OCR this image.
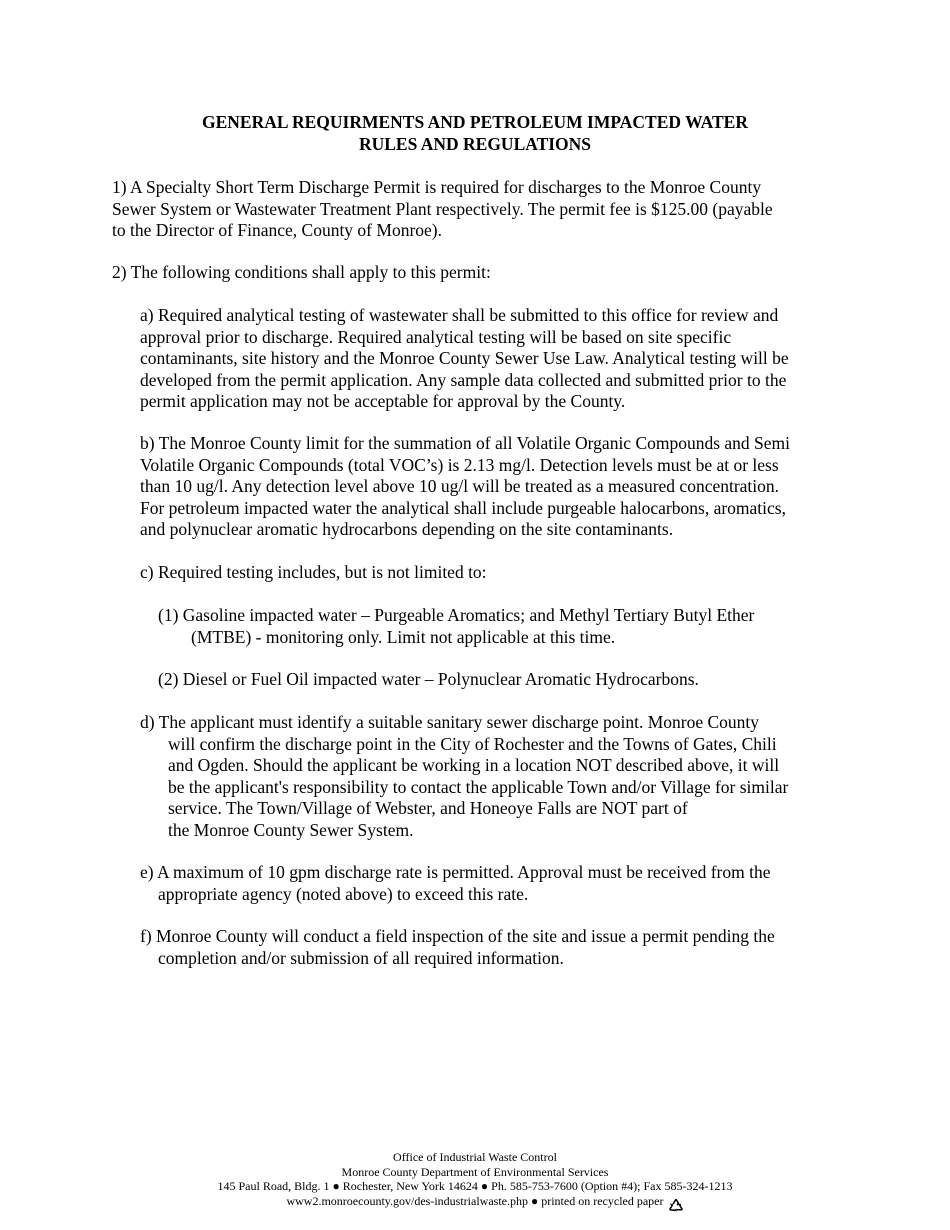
GENERAL REQUIRMENTS AND PETROLEUM IMPACTED WATER
RULES AND REGULATIONS
1) A Specialty Short Term Discharge Permit is required for discharges to the Monroe County
Sewer System or Wastewater Treatment Plant respectively. The permit fee is $125.00 (payable
to the Director of Finance, County of Monroe).
2) The following conditions shall apply to this permit:
a) Required analytical testing of wastewater shall be submitted to this office for review and
approval prior to discharge. Required analytical testing will be based on site specific
contaminants, site history and the Monroe County Sewer Use Law. Analytical testing will be
developed from the permit application. Any sample data collected and submitted prior to the
permit application may not be acceptable for approval by the County.
b) The Monroe County limit for the summation of all Volatile Organic Compounds and Semi
Volatile Organic Compounds (total VOC’s) is 2.13 mg/l. Detection levels must be at or less
than 10 ug/l. Any detection level above 10 ug/l will be treated as a measured concentration.
For petroleum impacted water the analytical shall include purgeable halocarbons, aromatics,
and polynuclear aromatic hydrocarbons depending on the site contaminants.
c) Required testing includes, but is not limited to:
(1) Gasoline impacted water – Purgeable Aromatics; and Methyl Tertiary Butyl Ether
(MTBE) - monitoring only. Limit not applicable at this time.
(2) Diesel or Fuel Oil impacted water – Polynuclear Aromatic Hydrocarbons.
d) The applicant must identify a suitable sanitary sewer discharge point. Monroe County
will confirm the discharge point in the City of Rochester and the Towns of Gates, Chili
and Ogden. Should the applicant be working in a location NOT described above, it will
be the applicant's responsibility to contact the applicable Town and/or Village for similar
service. The Town/Village of Webster, and Honeoye Falls are NOT part of
the Monroe County Sewer System.
e) A maximum of 10 gpm discharge rate is permitted. Approval must be received from the
appropriate agency (noted above) to exceed this rate.
f) Monroe County will conduct a field inspection of the site and issue a permit pending the
completion and/or submission of all required information.
Office of Industrial Waste Control
Monroe County Department of Environmental Services
145 Paul Road, Bldg. 1 ● Rochester, New York 14624 ● Ph. 585-753-7600 (Option #4); Fax 585-324-1213
www2.monroecounty.gov/des-industrialwaste.php ● printed on recycled paper
